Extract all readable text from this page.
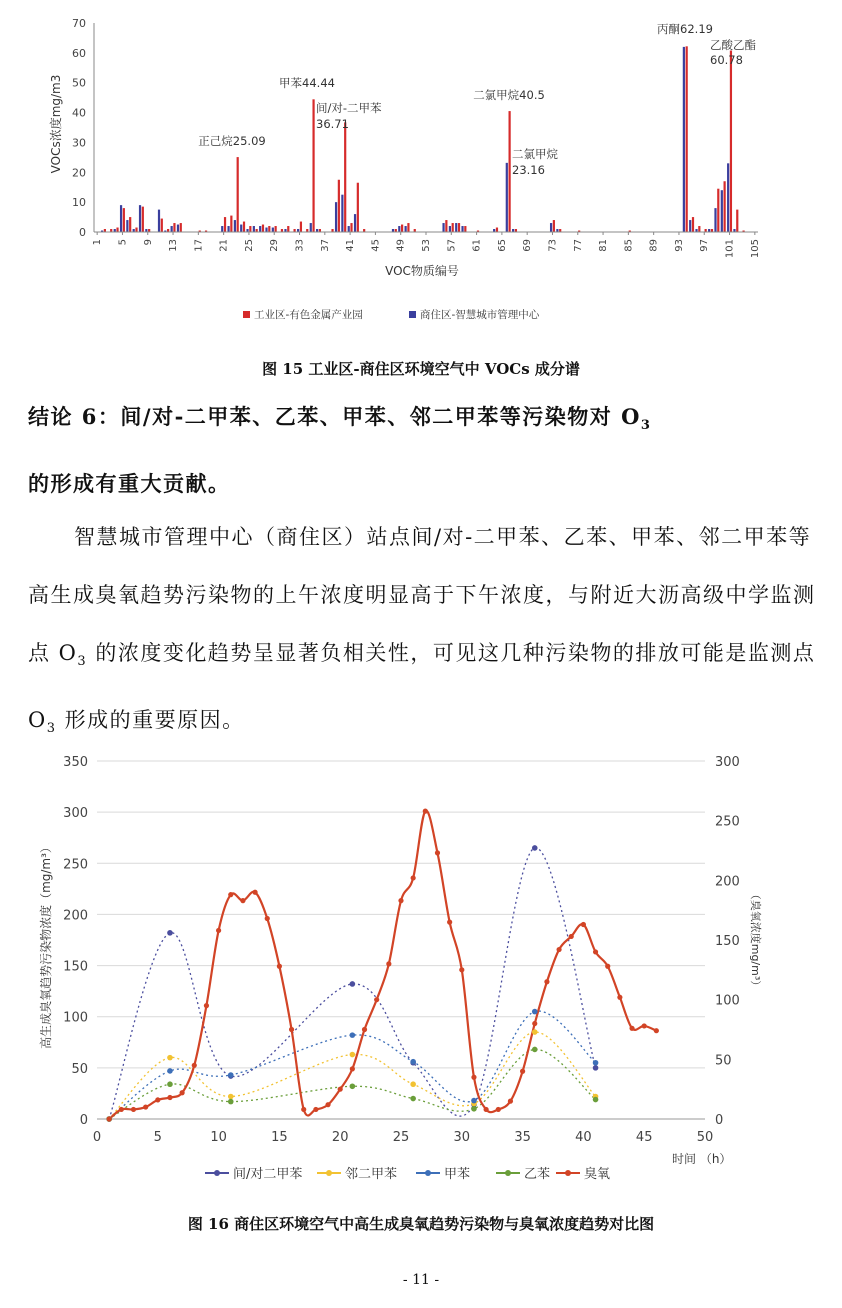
0
10
20
30
40
50
60
70
1 5 9 13 17 21 25 29 33 37 41 45 49 53 57 61 65 69 73 77 81 85 89 93 97 101 105
正己烷25.09
甲苯44.44
间/对-二甲苯
36.71
二氯甲烷40.5
二氯甲烷
23.16
丙酮62.19
乙酸乙酯
60.78
VOCs浓度mg/m3
VOC物质编号
工业区-有色金属产业园	商住区-智慧城市管理中心
图 15 工业区-商住区环境空气中 VOCs 成分谱
结论 6：间/对-二甲苯、乙苯、甲苯、邻二甲苯等污染物对 $O_3$
的形成有重大贡献。
智慧城市管理中心（商住区）站点间/对-二甲苯、乙苯、甲苯、邻二甲苯等高生成臭氧趋势污染物的上午浓度明显高于下午浓度，与附近大沥高级中学监测点 $O_3$ 的浓度变化趋势呈显著负相关性，可见这几种污染物的排放可能是监测点 $O_3$ 形成的重要原因。
0
50
100
150
200
250
300
350
0
50
100
150
200
250
300
0	5	10	15	20	25	30	35	40	45	50
间/对二甲苯	邻二甲苯	甲苯	乙苯	臭氧
高生成臭氧趋势污染物浓度（mg/m³）	（臭氧浓度mg/m³）
时间 （h）
图 16 商住区环境空气中高生成臭氧趋势污染物与臭氧浓度趋势对比图
- 11 -
